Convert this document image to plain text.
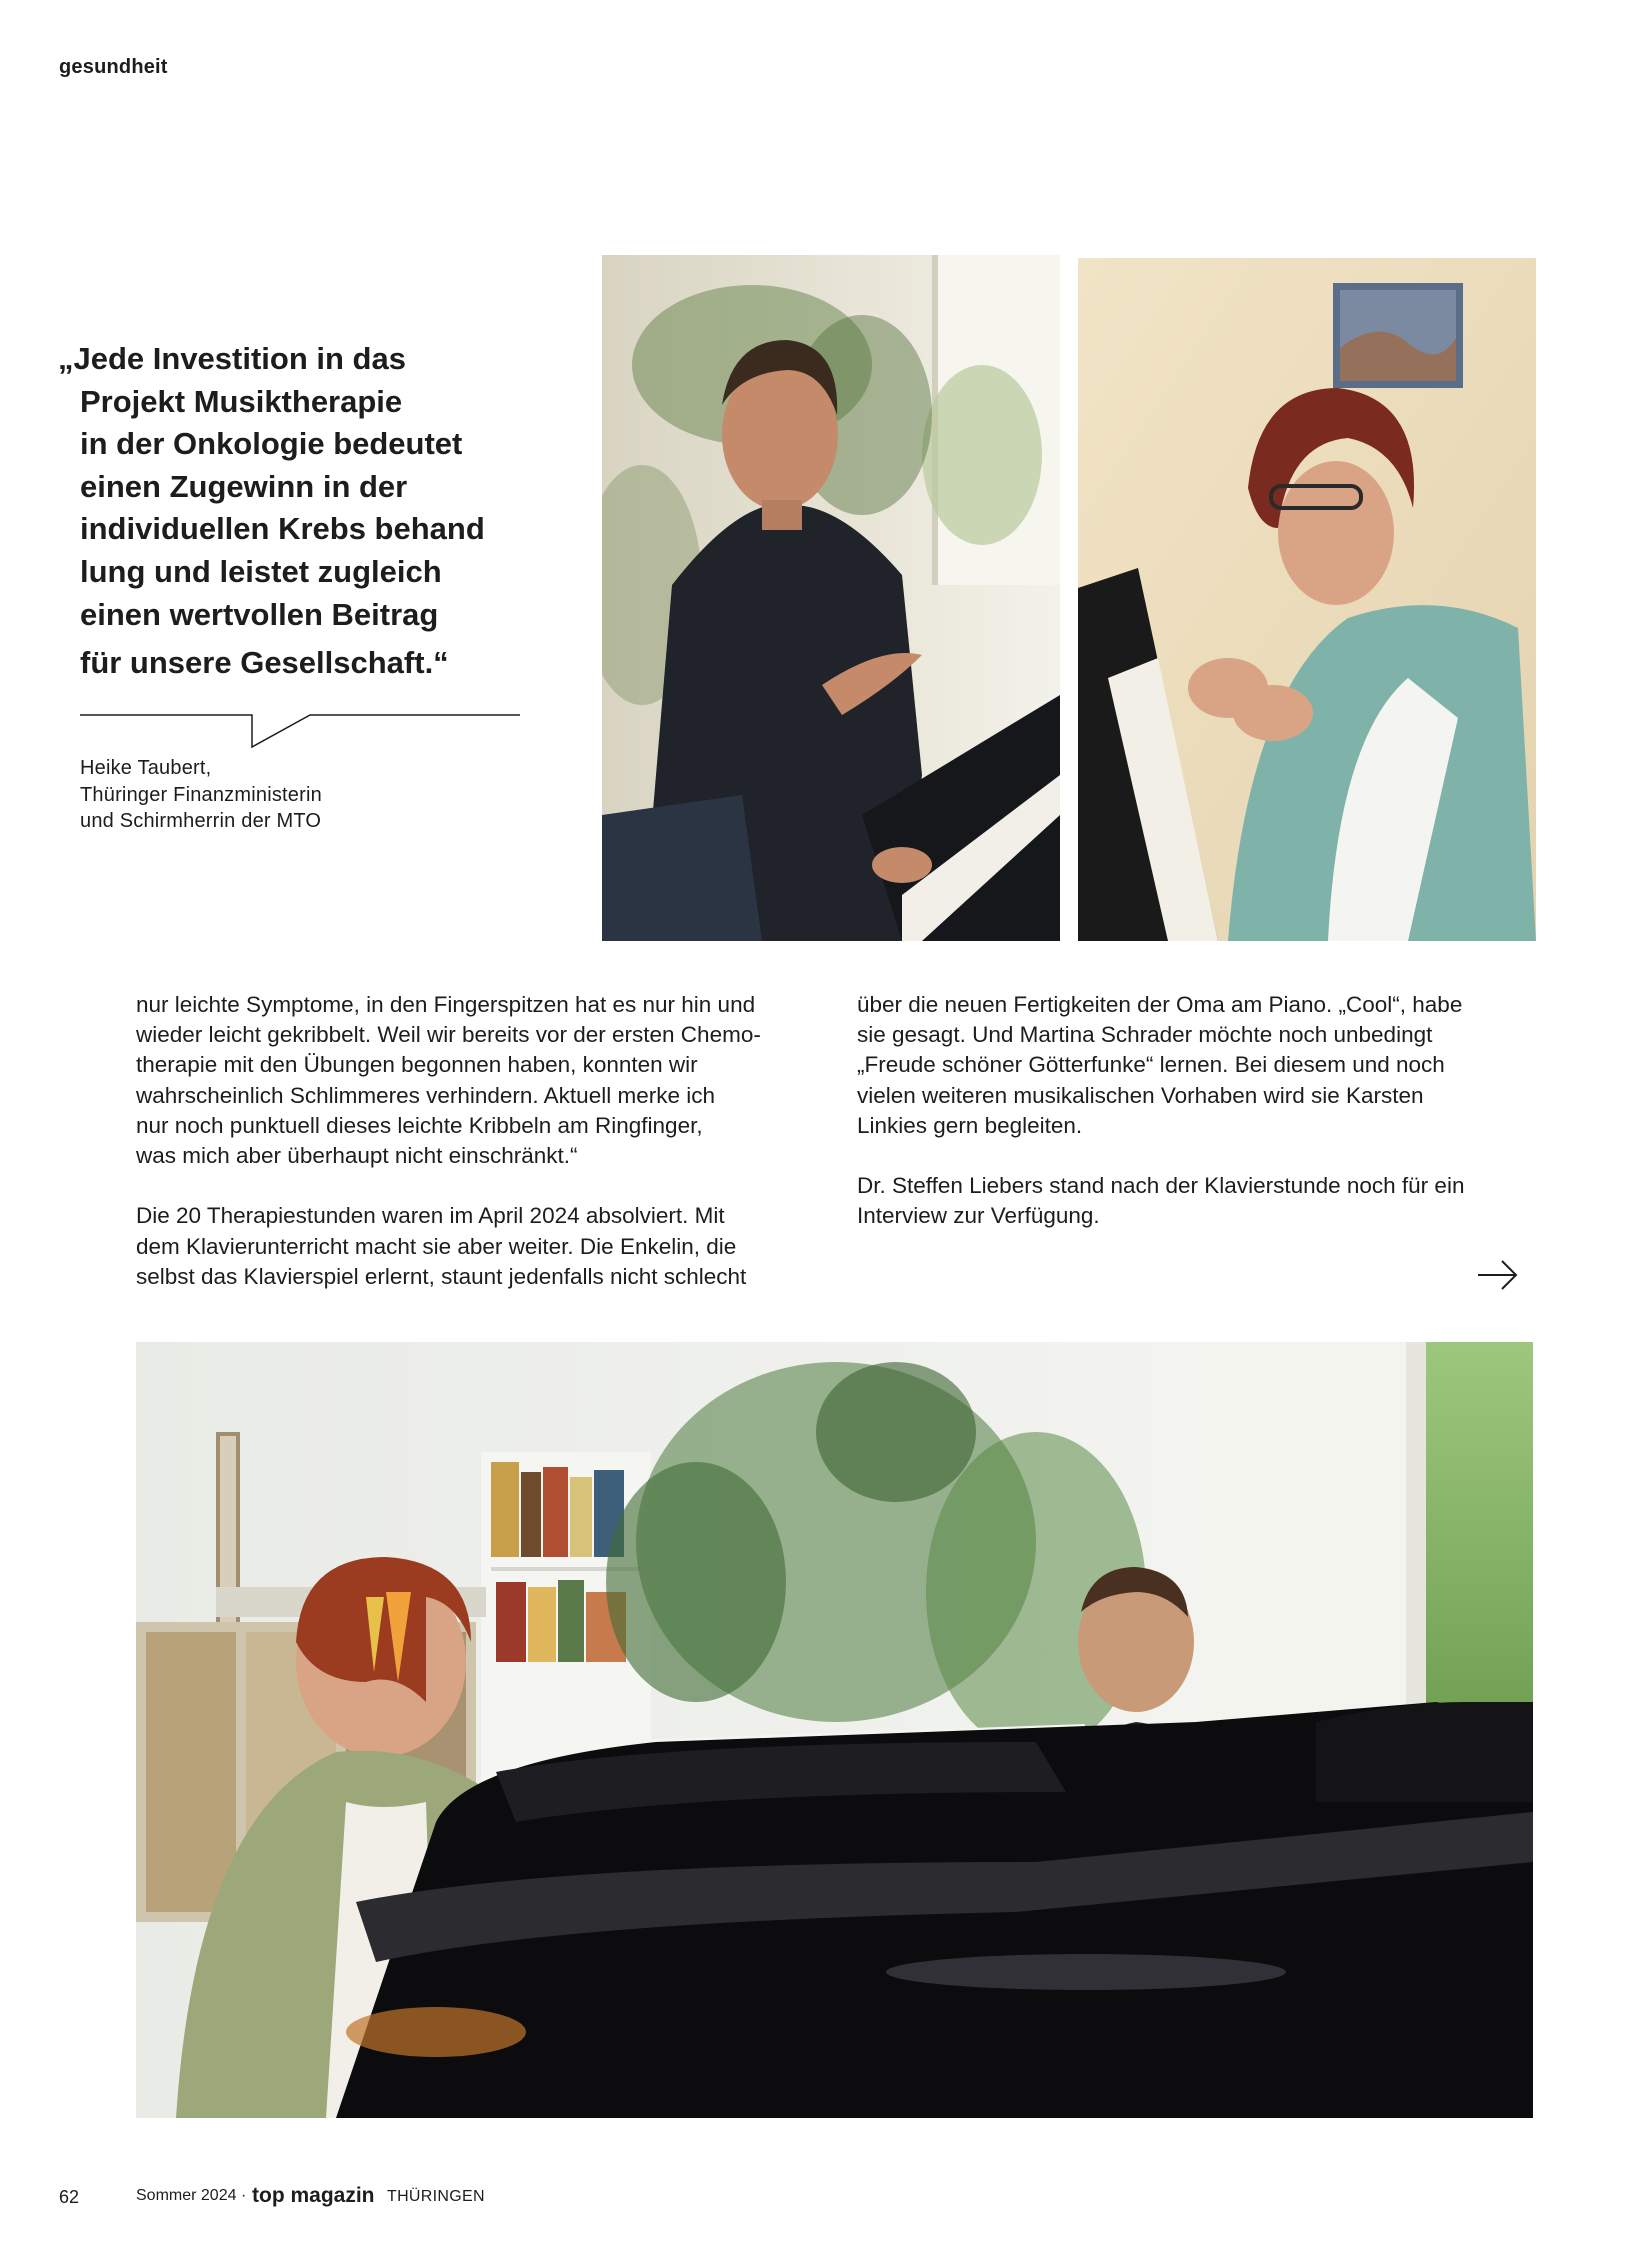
gesundheit
„Jede Investition in das
Projekt Musiktherapie
in der Onkologie bedeutet
einen Zugewinn in der
individuellen Krebs behand
lung und leistet zugleich
einen wertvollen Beitrag
für unsere Gesellschaft.“
Heike Taubert,
Thüringer Finanzministerin
und Schirmherrin der MTO
nur leichte Symptome, in den Fingerspitzen hat es nur hin und
wieder leicht gekribbelt. Weil wir bereits vor der ersten Chemo-
therapie mit den Übungen begonnen haben, konnten wir
wahrscheinlich Schlimmeres verhindern. Aktuell merke ich
nur noch punktuell dieses leichte Kribbeln am Ringfinger,
was mich aber überhaupt nicht einschränkt.“
Die 20 Therapiestunden waren im April 2024 absolviert. Mit
dem Klavierunterricht macht sie aber weiter. Die Enkelin, die
selbst das Klavierspiel erlernt, staunt jedenfalls nicht schlecht
über die neuen Fertigkeiten der Oma am Piano. „Cool“, habe
sie gesagt. Und Martina Schrader möchte noch unbedingt
„Freude schöner Götterfunke“ lernen. Bei diesem und noch
vielen weiteren musikalischen Vorhaben wird sie Karsten
Linkies gern begleiten.
Dr. Steffen Liebers stand nach der Klavierstunde noch für ein
Interview zur Verfügung.
62	Sommer 2024 · top magazin THÜRINGEN
